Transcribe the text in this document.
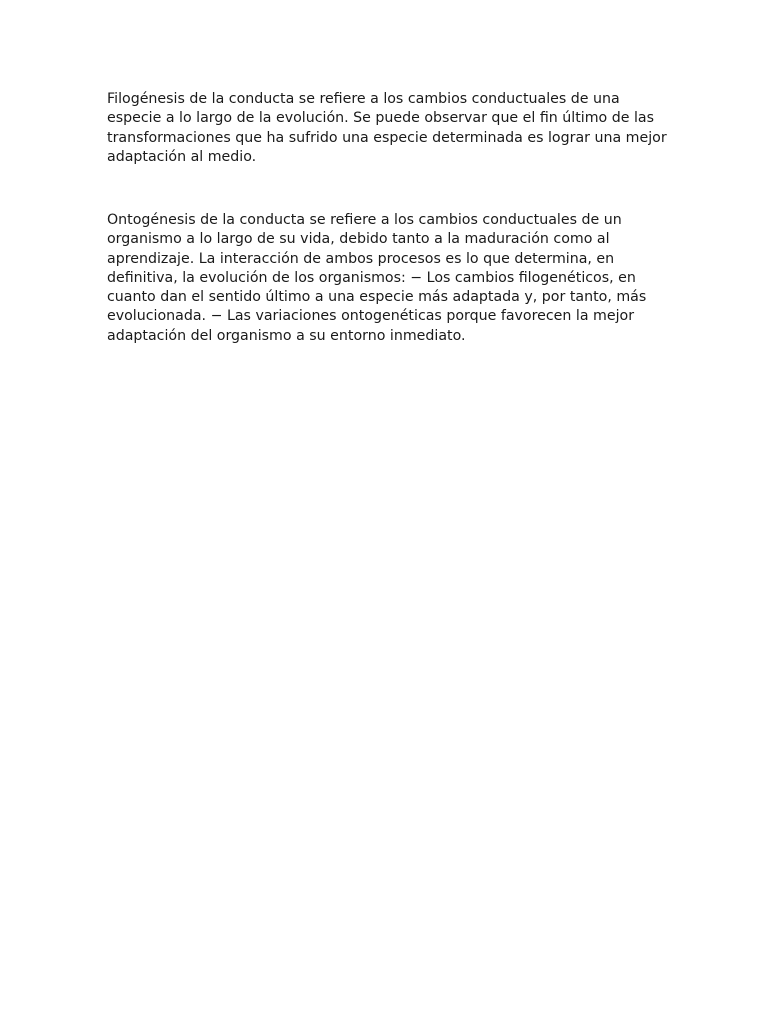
Filogénesis de la conducta se refiere a los cambios conductuales de una
especie a lo largo de la evolución. Se puede observar que el fin último de las
transformaciones que ha sufrido una especie determinada es lograr una mejor
adaptación al medio.

Ontogénesis de la conducta se refiere a los cambios conductuales de un
organismo a lo largo de su vida, debido tanto a la maduración como al
aprendizaje. La interacción de ambos procesos es lo que determina, en
definitiva, la evolución de los organismos: − Los cambios filogenéticos, en
cuanto dan el sentido último a una especie más adaptada y, por tanto, más
evolucionada. − Las variaciones ontogenéticas porque favorecen la mejor
adaptación del organismo a su entorno inmediato.
